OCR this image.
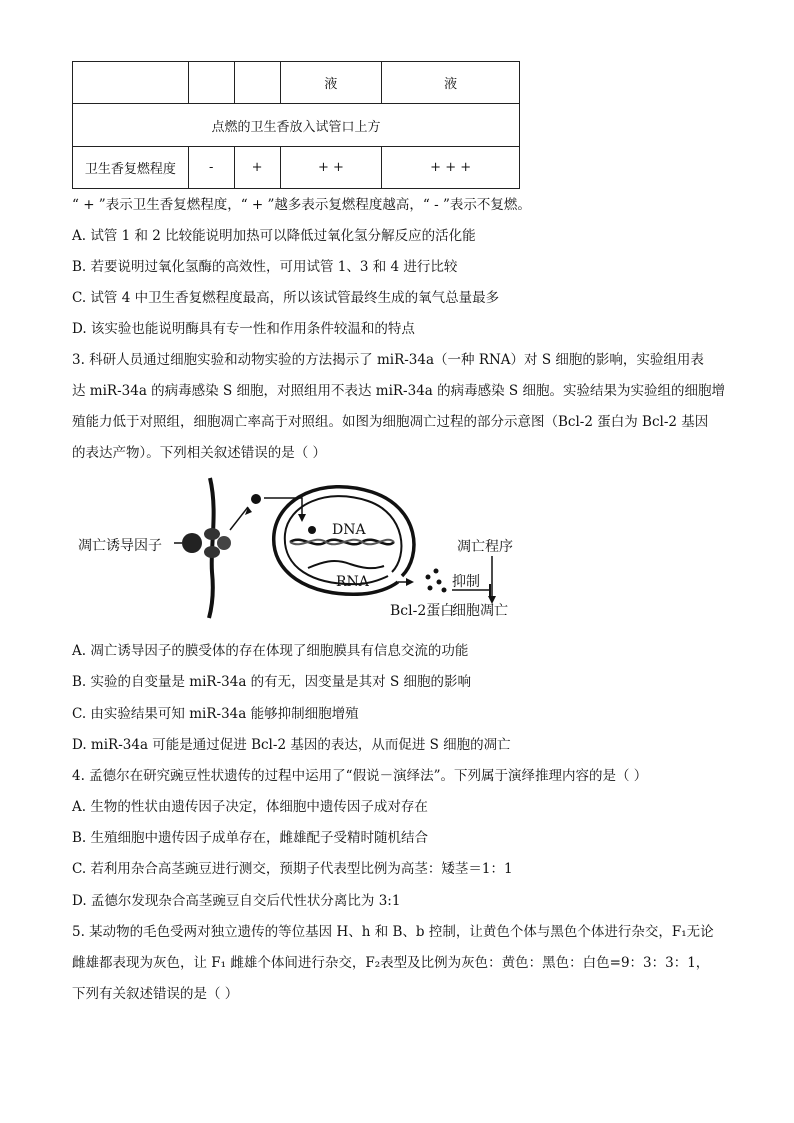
			液	液
点燃的卫生香放入试管口上方				
卫生香复燃程度	-	+	+ +	+ + +
“ + ”表示卫生香复燃程度，“ + ”越多表示复燃程度越高，“ - ”表示不复燃。
A. 试管 1 和 2 比较能说明加热可以降低过氧化氢分解反应的活化能
B. 若要说明过氧化氢酶的高效性，可用试管 1、3 和 4 进行比较
C. 试管 4 中卫生香复燃程度最高，所以该试管最终生成的氧气总量最多
D. 该实验也能说明酶具有专一性和作用条件较温和的特点
3. 科研人员通过细胞实验和动物实验的方法揭示了 miR-34a（一种 RNA）对 S 细胞的影响，实验组用表
达 miR-34a 的病毒感染 S 细胞，对照组用不表达 miR-34a 的病毒感染 S 细胞。实验结果为实验组的细胞增
殖能力低于对照组，细胞凋亡率高于对照组。如图为细胞凋亡过程的部分示意图（Bcl-2 蛋白为 Bcl-2 基因
的表达产物）。下列相关叙述错误的是（ ）
DNA
RNA
Bcl-2蛋白
抑制
凋亡程序
细胞凋亡
凋亡诱导因子
A. 凋亡诱导因子的膜受体的存在体现了细胞膜具有信息交流的功能
B. 实验的自变量是 miR-34a 的有无，因变量是其对 S 细胞的影响
C. 由实验结果可知 miR-34a 能够抑制细胞增殖
D. miR-34a 可能是通过促进 Bcl-2 基因的表达，从而促进 S 细胞的凋亡
4. 孟德尔在研究豌豆性状遗传的过程中运用了“假说－演绎法”。下列属于演绎推理内容的是（ ）
A. 生物的性状由遗传因子决定，体细胞中遗传因子成对存在
B. 生殖细胞中遗传因子成单存在，雌雄配子受精时随机结合
C. 若利用杂合高茎豌豆进行测交，预期子代表型比例为高茎：矮茎＝1：1
D. 孟德尔发现杂合高茎豌豆自交后代性状分离比为 3:1
5. 某动物的毛色受两对独立遗传的等位基因 H、h 和 B、b 控制，让黄色个体与黑色个体进行杂交，F₁无论
雌雄都表现为灰色，让 F₁ 雌雄个体间进行杂交，F₂表型及比例为灰色：黄色：黑色：白色=9：3：3：1，
下列有关叙述错误的是（ ）
